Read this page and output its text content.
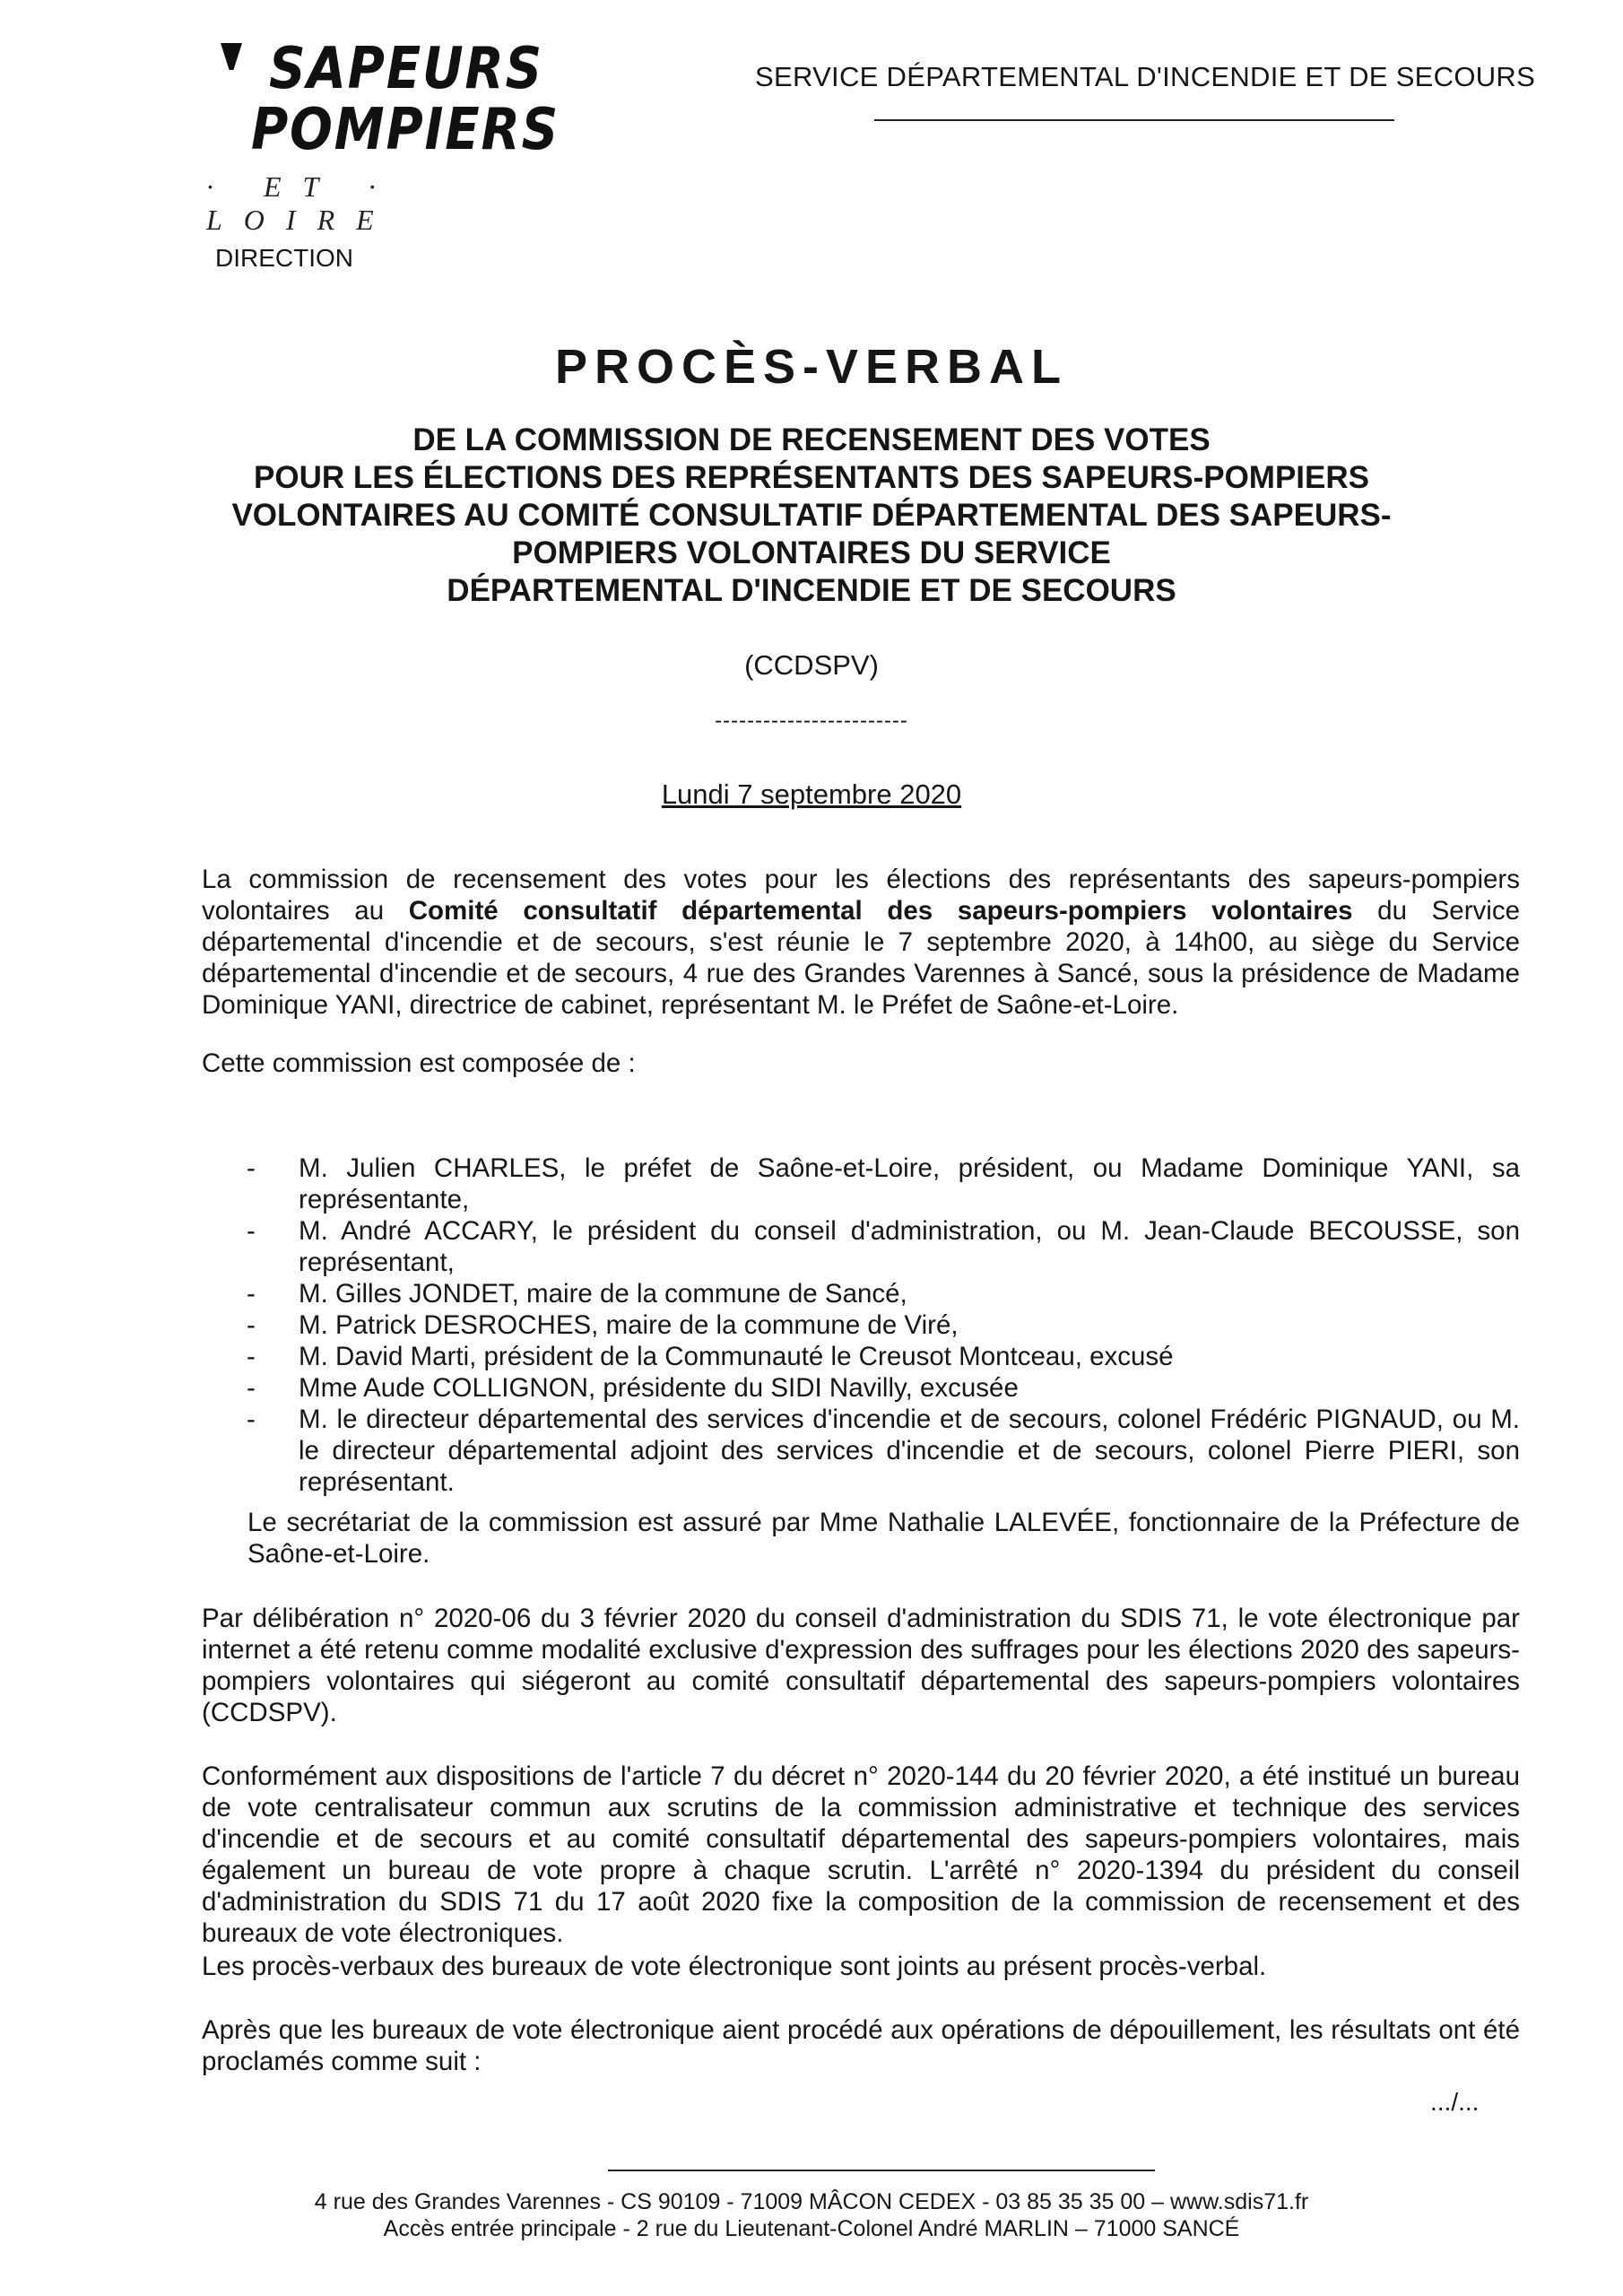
SAPEURS
POMPIERS
· ET · LOIRE
SERVICE DÉPARTEMENTAL D'INCENDIE ET DE SECOURS
DIRECTION
PROCÈS-VERBAL
DE LA COMMISSION DE RECENSEMENT DES VOTES
POUR LES ÉLECTIONS DES REPRÉSENTANTS DES SAPEURS-POMPIERS
VOLONTAIRES AU COMITÉ CONSULTATIF DÉPARTEMENTAL DES SAPEURS-
POMPIERS VOLONTAIRES DU SERVICE
DÉPARTEMENTAL D'INCENDIE ET DE SECOURS
(CCDSPV)
------------------------
Lundi 7 septembre 2020

La commission de recensement des votes pour les élections des représentants des sapeurs-pompiers volontaires au Comité consultatif départemental des sapeurs-pompiers volontaires du Service départemental d'incendie et de secours, s'est réunie le 7 septembre 2020, à 14h00, au siège du Service départemental d'incendie et de secours, 4 rue des Grandes Varennes à Sancé, sous la présidence de Madame Dominique YANI, directrice de cabinet, représentant M. le Préfet de Saône-et-Loire.

Cette commission est composée de :

- M. Julien CHARLES, le préfet de Saône-et-Loire, président, ou Madame Dominique YANI, sa représentante,
- M. André ACCARY, le président du conseil d'administration, ou M. Jean-Claude BECOUSSE, son représentant,
- M. Gilles JONDET, maire de la commune de Sancé,
- M. Patrick DESROCHES, maire de la commune de Viré,
- M. David Marti, président de la Communauté le Creusot Montceau, excusé
- Mme Aude COLLIGNON, présidente du SIDI Navilly, excusée
- M. le directeur départemental des services d'incendie et de secours, colonel Frédéric PIGNAUD, ou M. le directeur départemental adjoint des services d'incendie et de secours, colonel Pierre PIERI, son représentant.

Le secrétariat de la commission est assuré par Mme Nathalie LALEVÉE, fonctionnaire de la Préfecture de Saône-et-Loire.

Par délibération n° 2020-06 du 3 février 2020 du conseil d'administration du SDIS 71, le vote électronique par internet a été retenu comme modalité exclusive d'expression des suffrages pour les élections 2020 des sapeurs-pompiers volontaires qui siégeront au comité consultatif départemental des sapeurs-pompiers volontaires (CCDSPV).

Conformément aux dispositions de l'article 7 du décret n° 2020-144 du 20 février 2020, a été institué un bureau de vote centralisateur commun aux scrutins de la commission administrative et technique des services d'incendie et de secours et au comité consultatif départemental des sapeurs-pompiers volontaires, mais également un bureau de vote propre à chaque scrutin. L'arrêté n° 2020-1394 du président du conseil d'administration du SDIS 71 du 17 août 2020 fixe la composition de la commission de recensement et des bureaux de vote électroniques.

Les procès-verbaux des bureaux de vote électronique sont joints au présent procès-verbal.

Après que les bureaux de vote électronique aient procédé aux opérations de dépouillement, les résultats ont été proclamés comme suit :

.../...
4 rue des Grandes Varennes - CS 90109 - 71009 MÂCON CEDEX - 03 85 35 35 00 – www.sdis71.fr
Accès entrée principale - 2 rue du Lieutenant-Colonel André MARLIN – 71000 SANCÉ
